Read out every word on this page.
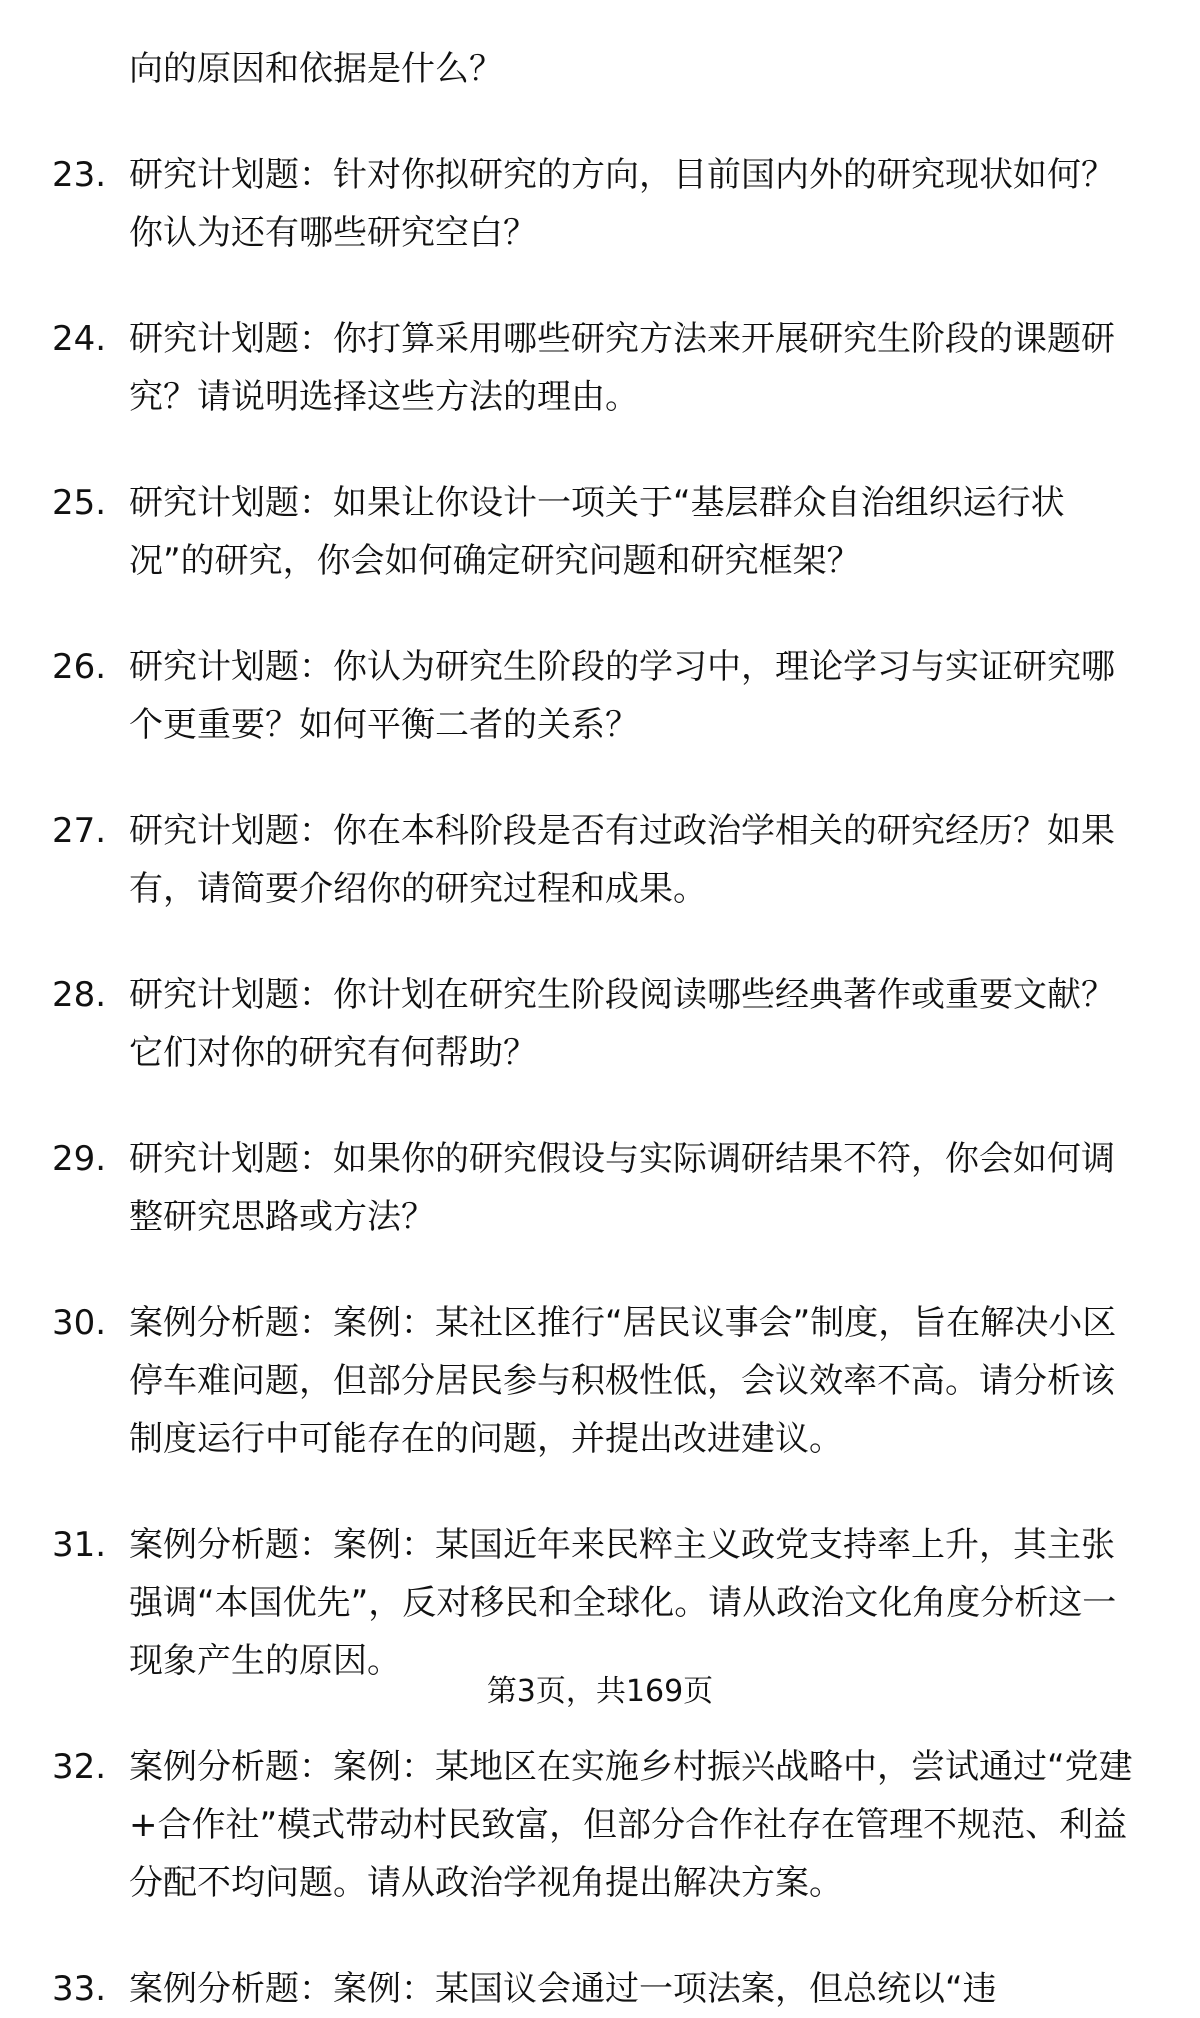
向的原因和依据是什么？
23. 研究计划题：针对你拟研究的方向，目前国内外的研究现状如何？你认为还有哪些研究空白？
24. 研究计划题：你打算采用哪些研究方法来开展研究生阶段的课题研究？请说明选择这些方法的理由。
25. 研究计划题：如果让你设计一项关于“基层群众自治组织运行状况”的研究，你会如何确定研究问题和研究框架？
26. 研究计划题：你认为研究生阶段的学习中，理论学习与实证研究哪个更重要？如何平衡二者的关系？
27. 研究计划题：你在本科阶段是否有过政治学相关的研究经历？如果有，请简要介绍你的研究过程和成果。
28. 研究计划题：你计划在研究生阶段阅读哪些经典著作或重要文献？它们对你的研究有何帮助？
29. 研究计划题：如果你的研究假设与实际调研结果不符，你会如何调整研究思路或方法？
30. 案例分析题：案例：某社区推行“居民议事会”制度，旨在解决小区停车难问题，但部分居民参与积极性低，会议效率不高。请分析该制度运行中可能存在的问题，并提出改进建议。
31. 案例分析题：案例：某国近年来民粹主义政党支持率上升，其主张强调“本国优先”，反对移民和全球化。请从政治文化角度分析这一现象产生的原因。
32. 案例分析题：案例：某地区在实施乡村振兴战略中，尝试通过“党建+合作社”模式带动村民致富，但部分合作社存在管理不规范、利益分配不均问题。请从政治学视角提出解决方案。
33. 案例分析题：案例：某国议会通过一项法案，但总统以“违
第3页，共169页
